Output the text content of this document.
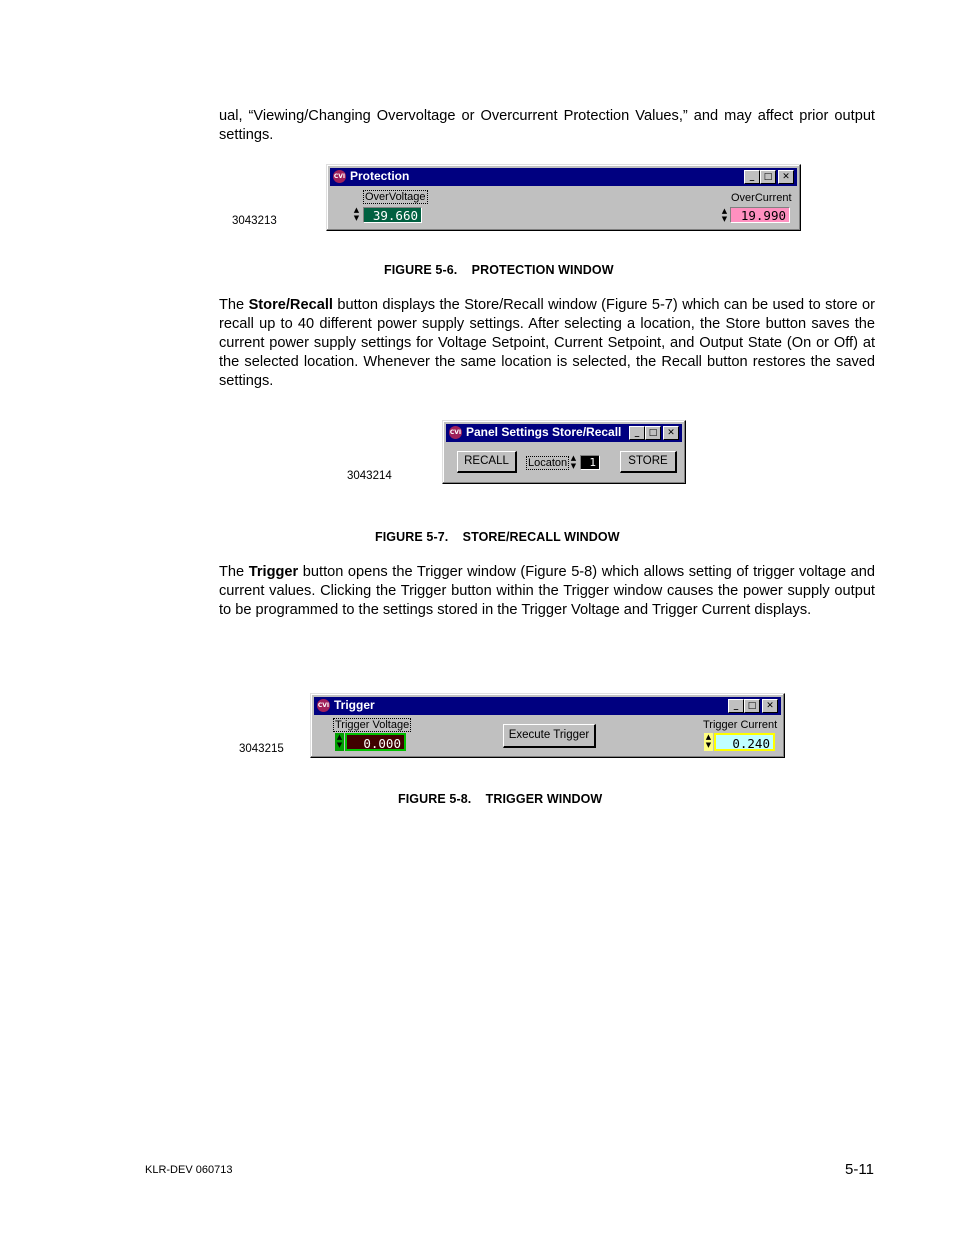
ual, “Viewing/Changing Overvoltage or Overcurrent Protection Values,” and may affect prior output settings.

3043213
CVI Protection	_	□	✕
OverVoltage
▲
▼	39.660
OverCurrent
▲
▼	19.990
FIGURE 5-6.    PROTECTION WINDOW

The Store/Recall button displays the Store/Recall window (Figure 5-7) which can be used to store or recall up to 40 different power supply settings. After selecting a location, the Store button saves the current power supply settings for Voltage Setpoint, Current Setpoint, and Output State (On or Off) at the selected location. Whenever the same location is selected, the Recall button restores the saved settings.

3043214
CVI Panel Settings Store/Recall	_	□	✕
RECALL	Locaton ▲
▼	1	STORE
FIGURE 5-7.    STORE/RECALL WINDOW

The Trigger button opens the Trigger window (Figure 5-8) which allows setting of trigger voltage and current values. Clicking the Trigger button within the Trigger window causes the power supply output to be programmed to the settings stored in the Trigger Voltage and Trigger Current displays.

3043215
CVI Trigger	_	□	✕
Trigger Voltage
▲
▼	0.000
Execute Trigger
Trigger Current
▲
▼	0.240
FIGURE 5-8.    TRIGGER WINDOW
KLR-DEV 060713	5-11
